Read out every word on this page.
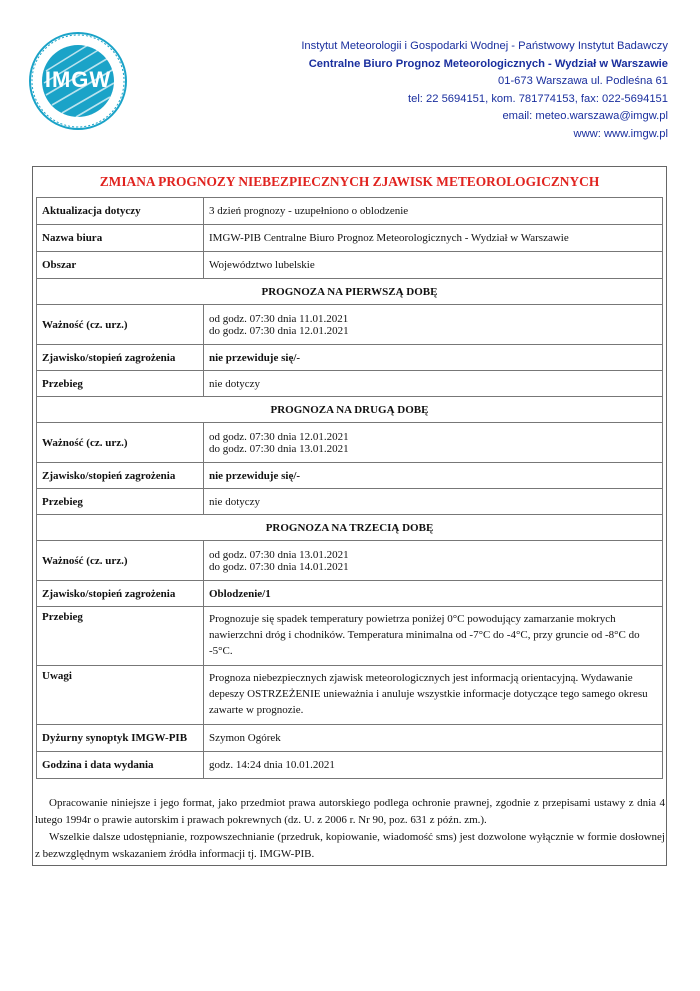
IMGW
Instytut Meteorologii i Gospodarki Wodnej - Państwowy Instytut Badawczy
Centralne Biuro Prognoz Meteorologicznych - Wydział w Warszawie
01-673 Warszawa ul. Podleśna 61
tel: 22 5694151, kom. 781774153, fax: 022-5694151
email: meteo.warszawa@imgw.pl
www: www.imgw.pl
ZMIANA PROGNOZY NIEBEZPIECZNYCH ZJAWISK METEOROLOGICZNYCH
Aktualizacja dotyczy	3 dzień prognozy - uzupełniono o oblodzenie
Nazwa biura	IMGW-PIB Centralne Biuro Prognoz Meteorologicznych - Wydział w Warszawie
Obszar	Województwo lubelskie
PROGNOZA NA PIERWSZĄ DOBĘ	
Ważność (cz. urz.)	od godz. 07:30 dnia 11.01.2021
do godz. 07:30 dnia 12.01.2021

Zjawisko/stopień zagrożenia	nie przewiduje się/-
Przebieg	nie dotyczy
PROGNOZA NA DRUGĄ DOBĘ	
Ważność (cz. urz.)	od godz. 07:30 dnia 12.01.2021
do godz. 07:30 dnia 13.01.2021

Zjawisko/stopień zagrożenia	nie przewiduje się/-
Przebieg	nie dotyczy
PROGNOZA NA TRZECIĄ DOBĘ	
Ważność (cz. urz.)	od godz. 07:30 dnia 13.01.2021
do godz. 07:30 dnia 14.01.2021

Zjawisko/stopień zagrożenia	Oblodzenie/1
Przebieg	Prognozuje się spadek temperatury powietrza poniżej 0°C powodujący zamarzanie mokrych nawierzchni dróg i chodników. Temperatura minimalna od -7°C do -4°C, przy gruncie od -8°C do -5°C.
Uwagi	Prognoza niebezpiecznych zjawisk meteorologicznych jest informacją orientacyjną. Wydawanie depeszy OSTRZEŻENIE unieważnia i anuluje wszystkie informacje dotyczące tego samego okresu zawarte w prognozie.
Dyżurny synoptyk IMGW-PIB	Szymon Ogórek
Godzina i data wydania	godz. 14:24 dnia 10.01.2021

Opracowanie niniejsze i jego format, jako przedmiot prawa autorskiego podlega ochronie prawnej, zgodnie z przepisami ustawy z dnia 4 lutego 1994r o prawie autorskim i prawach pokrewnych (dz. U. z 2006 r. Nr 90, poz. 631 z późn. zm.).

Wszelkie dalsze udostępnianie, rozpowszechnianie (przedruk, kopiowanie, wiadomość sms) jest dozwolone wyłącznie w formie dosłownej z bezwzględnym wskazaniem źródła informacji tj. IMGW-PIB.
